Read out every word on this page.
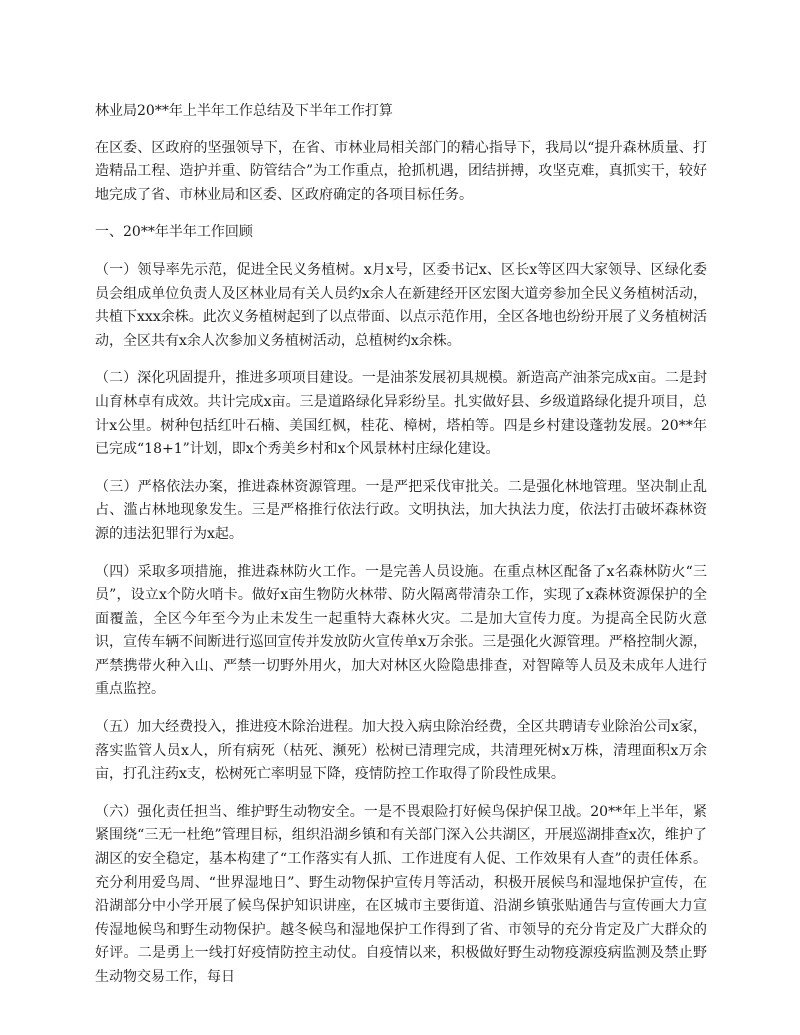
林业局20**年上半年工作总结及下半年工作打算
在区委、区政府的坚强领导下，在省、市林业局相关部门的精心指导下，我局以“提升森林质量、打造精品工程、造护并重、防管结合”为工作重点，抢抓机遇，团结拼搏，攻坚克难，真抓实干，较好地完成了省、市林业局和区委、区政府确定的各项目标任务。
一、20**年半年工作回顾
（一）领导率先示范，促进全民义务植树。x月x号，区委书记x、区长x等区四大家领导、区绿化委员会组成单位负责人及区林业局有关人员约x余人在新建经开区宏图大道旁参加全民义务植树活动，共植下xxx余株。此次义务植树起到了以点带面、以点示范作用，全区各地也纷纷开展了义务植树活动，全区共有x余人次参加义务植树活动，总植树约x余株。
（二）深化巩固提升，推进多项项目建设。一是油茶发展初具规模。新造高产油茶完成x亩。二是封山育林卓有成效。共计完成x亩。三是道路绿化异彩纷呈。扎实做好县、乡级道路绿化提升项目，总计x公里。树种包括红叶石楠、美国红枫，桂花、樟树，塔柏等。四是乡村建设蓬勃发展。20**年已完成“18+1”计划，即x个秀美乡村和x个风景林村庄绿化建设。
（三）严格依法办案，推进森林资源管理。一是严把采伐审批关。二是强化林地管理。坚决制止乱占、滥占林地现象发生。三是严格推行依法行政。文明执法，加大执法力度，依法打击破坏森林资源的违法犯罪行为x起。
（四）采取多项措施，推进森林防火工作。一是完善人员设施。在重点林区配备了x名森林防火“三员”，设立x个防火哨卡。做好x亩生物防火林带、防火隔离带清杂工作，实现了x森林资源保护的全面覆盖，全区今年至今为止未发生一起重特大森林火灾。二是加大宣传力度。为提高全民防火意识，宣传车辆不间断进行巡回宣传并发放防火宣传单x万余张。三是强化火源管理。严格控制火源，严禁携带火种入山、严禁一切野外用火，加大对林区火险隐患排查，对智障等人员及未成年人进行重点监控。
（五）加大经费投入，推进疫木除治进程。加大投入病虫除治经费，全区共聘请专业除治公司x家，落实监管人员x人，所有病死（枯死、濒死）松树已清理完成，共清理死树x万株，清理面积x万余亩，打孔注药x支，松树死亡率明显下降，疫情防控工作取得了阶段性成果。
（六）强化责任担当、维护野生动物安全。一是不畏艰险打好候鸟保护保卫战。20**年上半年，紧紧围绕“三无一杜绝”管理目标，组织沿湖乡镇和有关部门深入公共湖区，开展巡湖排查x次，维护了湖区的安全稳定，基本构建了“工作落实有人抓、工作进度有人促、工作效果有人查”的责任体系。充分利用爱鸟周、“世界湿地日”、野生动物保护宣传月等活动，积极开展候鸟和湿地保护宣传，在沿湖部分中小学开展了候鸟保护知识讲座，在区城市主要街道、沿湖乡镇张贴通告与宣传画大力宣传湿地候鸟和野生动物保护。越冬候鸟和湿地保护工作得到了省、市领导的充分肯定及广大群众的好评。二是勇上一线打好疫情防控主动仗。自疫情以来，积极做好野生动物疫源疫病监测及禁止野生动物交易工作，每日
